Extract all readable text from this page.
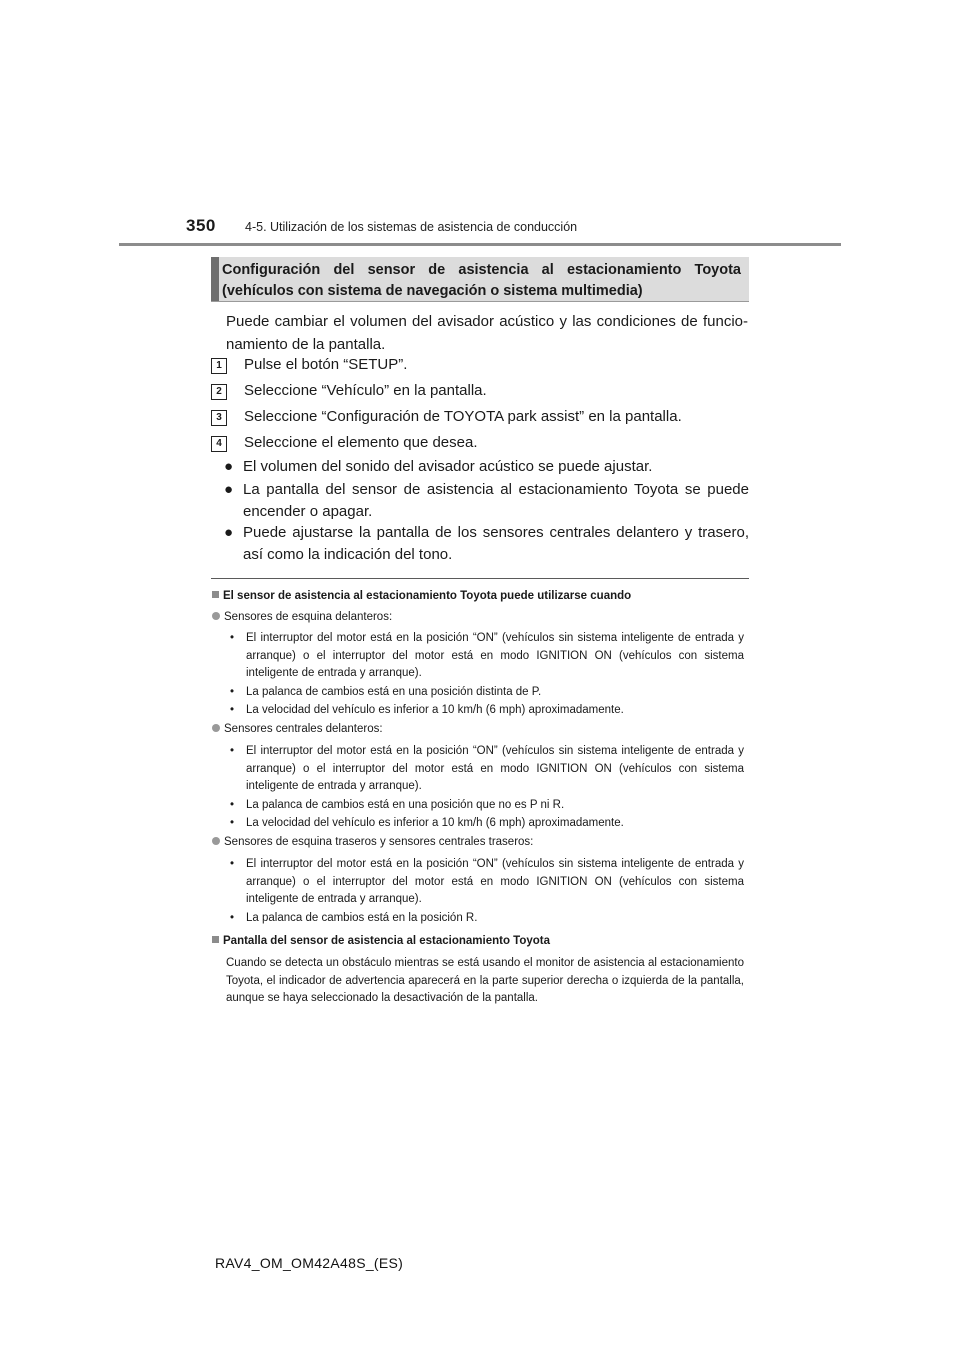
350 4-5. Utilización de los sistemas de asistencia de conducción
Configuración del sensor de asistencia al estacionamiento Toyota (vehículos con sistema de navegación o sistema multimedia)
Puede cambiar el volumen del avisador acústico y las condiciones de funcio-namiento de la pantalla.
1	Pulse el botón “SETUP”.
2	Seleccione “Vehículo” en la pantalla.
3	Seleccione “Configuración de TOYOTA park assist” en la pantalla.
4	Seleccione el elemento que desea.
● El volumen del sonido del avisador acústico se puede ajustar.
● La pantalla del sensor de asistencia al estacionamiento Toyota se puede encender o apagar.
● Puede ajustarse la pantalla de los sensores centrales delantero y trasero, así como la indicación del tono.
El sensor de asistencia al estacionamiento Toyota puede utilizarse cuando
Sensores de esquina delanteros:
• El interruptor del motor está en la posición “ON” (vehículos sin sistema inteligente de entrada y arranque) o el interruptor del motor está en modo IGNITION ON (vehículos con sistema inteligente de entrada y arranque).
• La palanca de cambios está en una posición distinta de P.
• La velocidad del vehículo es inferior a 10 km/h (6 mph) aproximadamente.
Sensores centrales delanteros:
• El interruptor del motor está en la posición “ON” (vehículos sin sistema inteligente de entrada y arranque) o el interruptor del motor está en modo IGNITION ON (vehículos con sistema inteligente de entrada y arranque).
• La palanca de cambios está en una posición que no es P ni R.
• La velocidad del vehículo es inferior a 10 km/h (6 mph) aproximadamente.
Sensores de esquina traseros y sensores centrales traseros:
• El interruptor del motor está en la posición “ON” (vehículos sin sistema inteligente de entrada y arranque) o el interruptor del motor está en modo IGNITION ON (vehículos con sistema inteligente de entrada y arranque).
• La palanca de cambios está en la posición R.
Pantalla del sensor de asistencia al estacionamiento Toyota
Cuando se detecta un obstáculo mientras se está usando el monitor de asistencia al estacionamiento Toyota, el indicador de advertencia aparecerá en la parte superior derecha o izquierda de la pantalla, aunque se haya seleccionado la desactivación de la pantalla.
RAV4_OM_OM42A48S_(ES)
